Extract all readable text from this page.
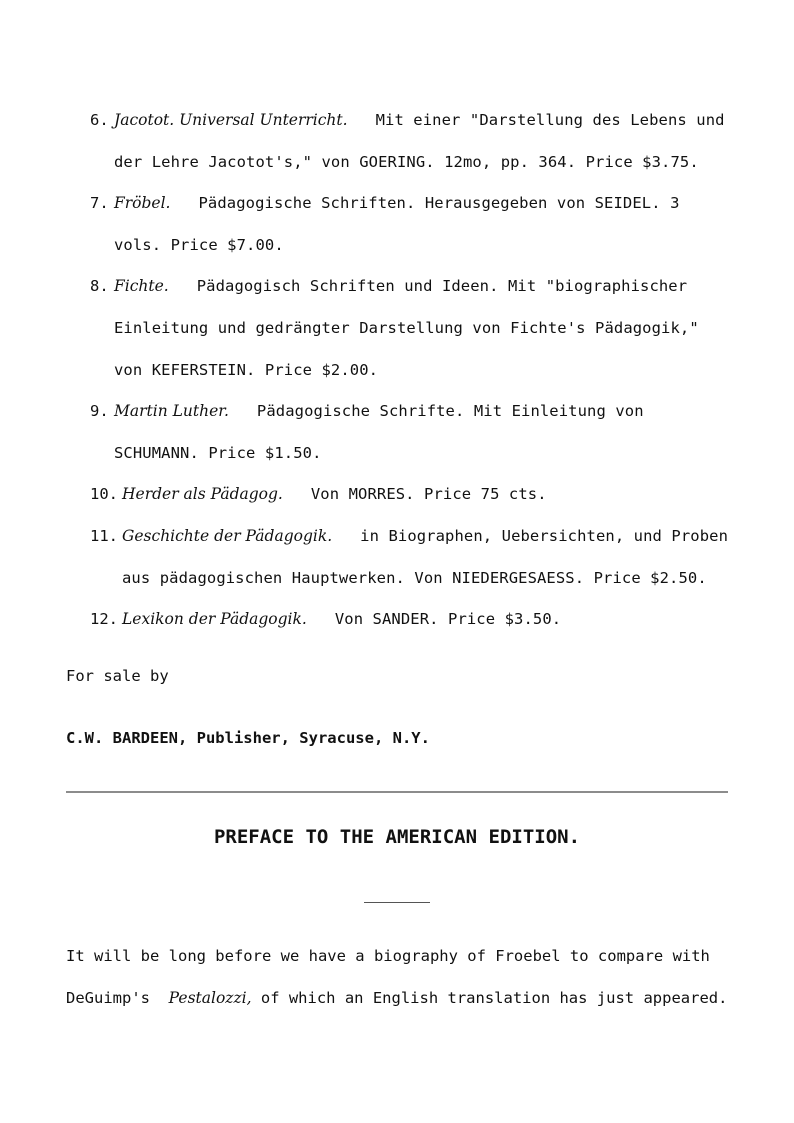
6. Jacotot. Universal Unterricht. Mit einer "Darstellung des Lebens und der Lehre Jacotot's," von GOERING. 12mo, pp. 364. Price $3.75.
7. Fröbel. Pädagogische Schriften. Herausgegeben von SEIDEL. 3 vols. Price $7.00.
8. Fichte. Pädagogisch Schriften und Ideen. Mit "biographischer Einleitung und gedrängter Darstellung von Fichte's Pädagogik," von KEFERSTEIN. Price $2.00.
9. Martin Luther. Pädagogische Schrifte. Mit Einleitung von SCHUMANN. Price $1.50.
10. Herder als Pädagog. Von MORRES. Price 75 cts.
11. Geschichte der Pädagogik. in Biographen, Uebersichten, und Proben aus pädagogischen Hauptwerken. Von NIEDERGESAESS. Price $2.50.
12. Lexikon der Pädagogik. Von SANDER. Price $3.50.

For sale by

C.W. BARDEEN, Publisher, Syracuse, N.Y.

PREFACE TO THE AMERICAN EDITION.

It will be long before we have a biography of Froebel to compare with DeGuimp's Pestalozzi, of which an English translation has just appeared.
